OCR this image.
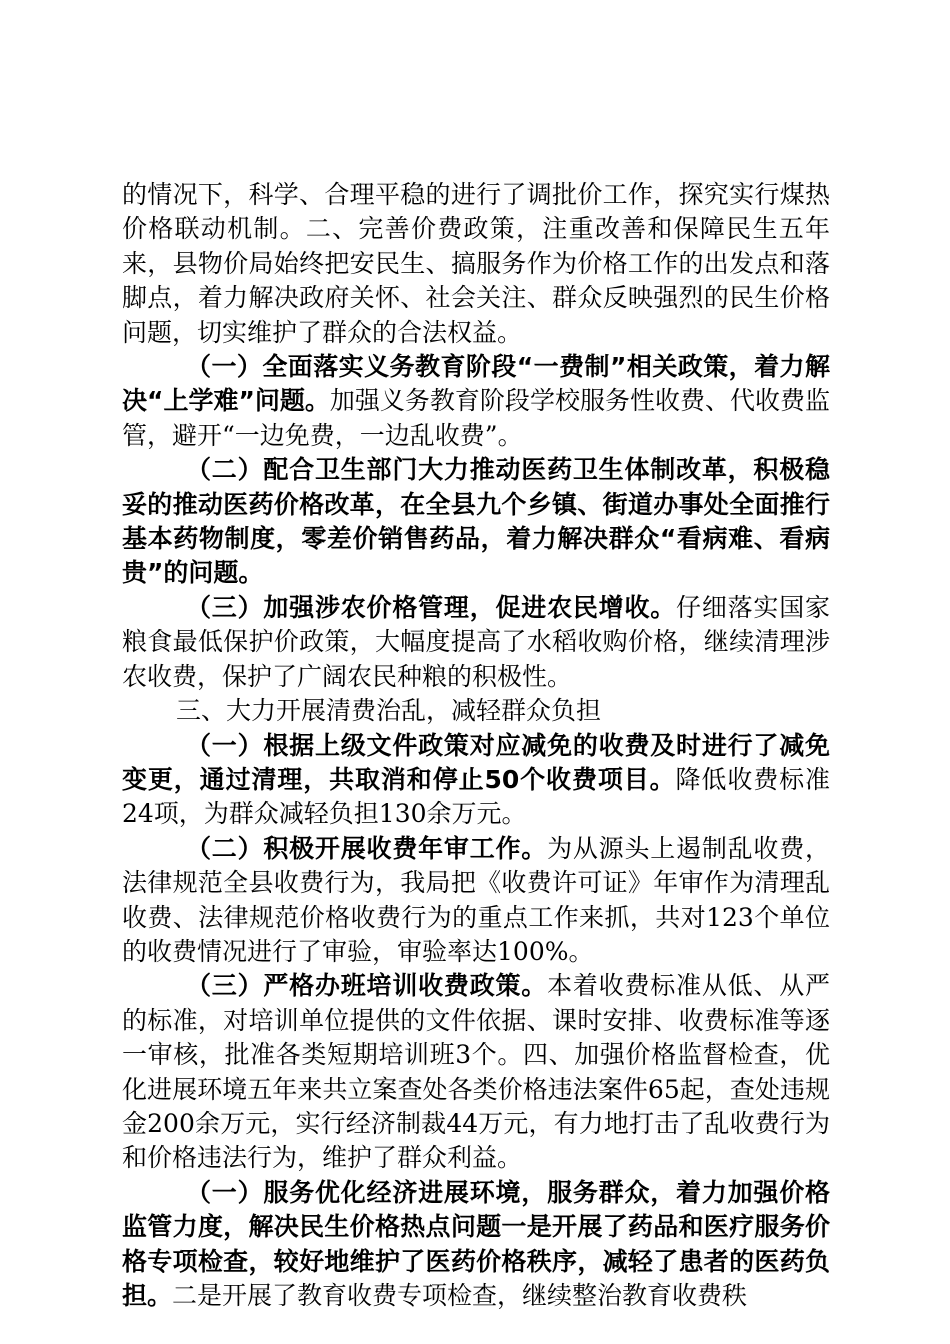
的情况下，科学、合理平稳的进行了调批价工作，探究实行煤热价格联动机制。二、完善价费政策，注重改善和保障民生五年来，县物价局始终把安民生、搞服务作为价格工作的出发点和落脚点，着力解决政府关怀、社会关注、群众反映强烈的民生价格问题，切实维护了群众的合法权益。

（一）全面落实义务教育阶段“一费制”相关政策，着力解决“上学难”问题。加强义务教育阶段学校服务性收费、代收费监管，避开“一边免费，一边乱收费”。

（二）配合卫生部门大力推动医药卫生体制改革，积极稳妥的推动医药价格改革，在全县九个乡镇、街道办事处全面推行基本药物制度，零差价销售药品，着力解决群众“看病难、看病贵”的问题。

（三）加强涉农价格管理，促进农民增收。仔细落实国家粮食最低保护价政策，大幅度提高了水稻收购价格，继续清理涉农收费，保护了广阔农民种粮的积极性。

三、大力开展清费治乱，减轻群众负担

（一）根据上级文件政策对应减免的收费及时进行了减免变更，通过清理，共取消和停止50个收费项目。降低收费标准24项，为群众减轻负担130余万元。

（二）积极开展收费年审工作。为从源头上遏制乱收费，法律规范全县收费行为，我局把《收费许可证》年审作为清理乱收费、法律规范价格收费行为的重点工作来抓，共对123个单位的收费情况进行了审验，审验率达100%。

（三）严格办班培训收费政策。本着收费标准从低、从严的标准，对培训单位提供的文件依据、课时安排、收费标准等逐一审核，批准各类短期培训班3个。四、加强价格监督检查，优化进展环境五年来共立案查处各类价格违法案件65起，查处违规金200余万元，实行经济制裁44万元，有力地打击了乱收费行为和价格违法行为，维护了群众利益。

（一）服务优化经济进展环境，服务群众，着力加强价格监管力度，解决民生价格热点问题一是开展了药品和医疗服务价格专项检查，较好地维护了医药价格秩序，减轻了患者的医药负担。二是开展了教育收费专项检查，继续整治教育收费秩
